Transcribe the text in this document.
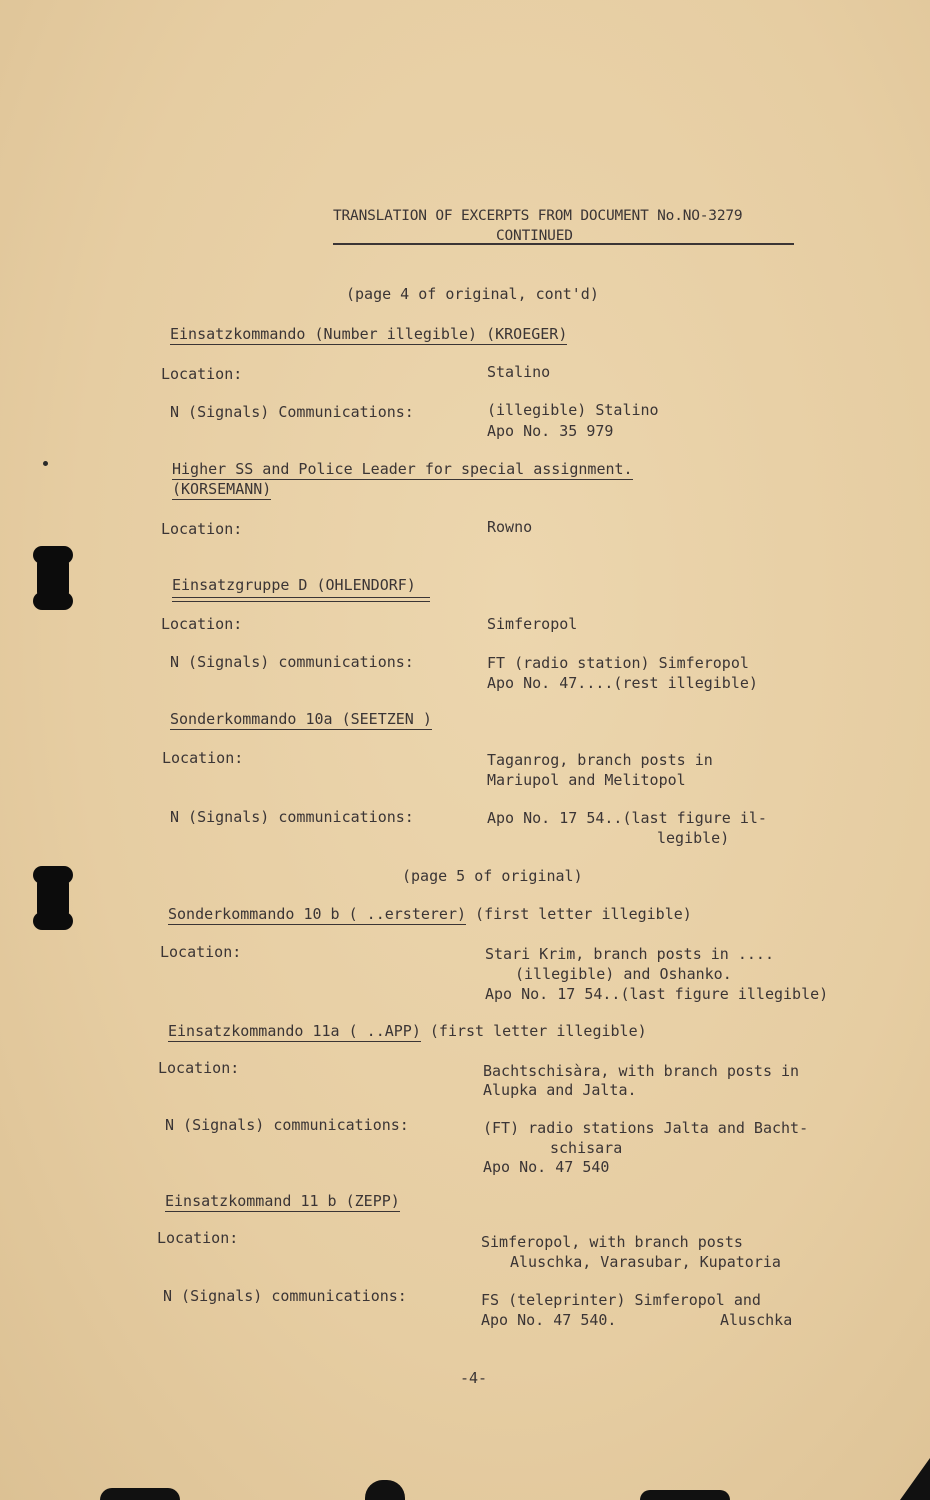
TRANSLATION OF EXCERPTS FROM DOCUMENT No.NO-3279
CONTINUED
(page 4 of original, cont'd)
Einsatzkommando (Number illegible) (KROEGER)
Location:	Stalino
N (Signals) Communications:	(illegible) Stalino
Apo No. 35 979
Higher SS and Police Leader for special assignment.
(KORSEMANN)
Location:	Rowno
Einsatzgruppe D (OHLENDORF)
Location:	Simferopol
N (Signals) communications:	FT (radio station) Simferopol
Apo No. 47....(rest illegible)
Sonderkommando 10a (SEETZEN )
Location:	Taganrog, branch posts in
Mariupol and Melitopol
N (Signals) communications:	Apo No. 17 54..(last figure il-
legible)
(page 5 of original)
Sonderkommando 10 b ( ..ersterer) (first letter illegible)
Location:	Stari Krim, branch posts in ....
(illegible) and Oshanko.
Apo No. 17 54..(last figure illegible)
Einsatzkommando 11a ( ..APP) (first letter illegible)
Location:	Bachtschisàra, with branch posts in
Alupka and Jalta.
N (Signals) communications:	(FT) radio stations Jalta and Bacht-
schisara
Apo No. 47 540
Einsatzkommand 11 b (ZEPP)
Location:	Simferopol, with branch posts
Aluschka, Varasubar, Kupatoria
N (Signals) communications:	FS (teleprinter) Simferopol and
Apo No. 47 540.	Aluschka
-4-
